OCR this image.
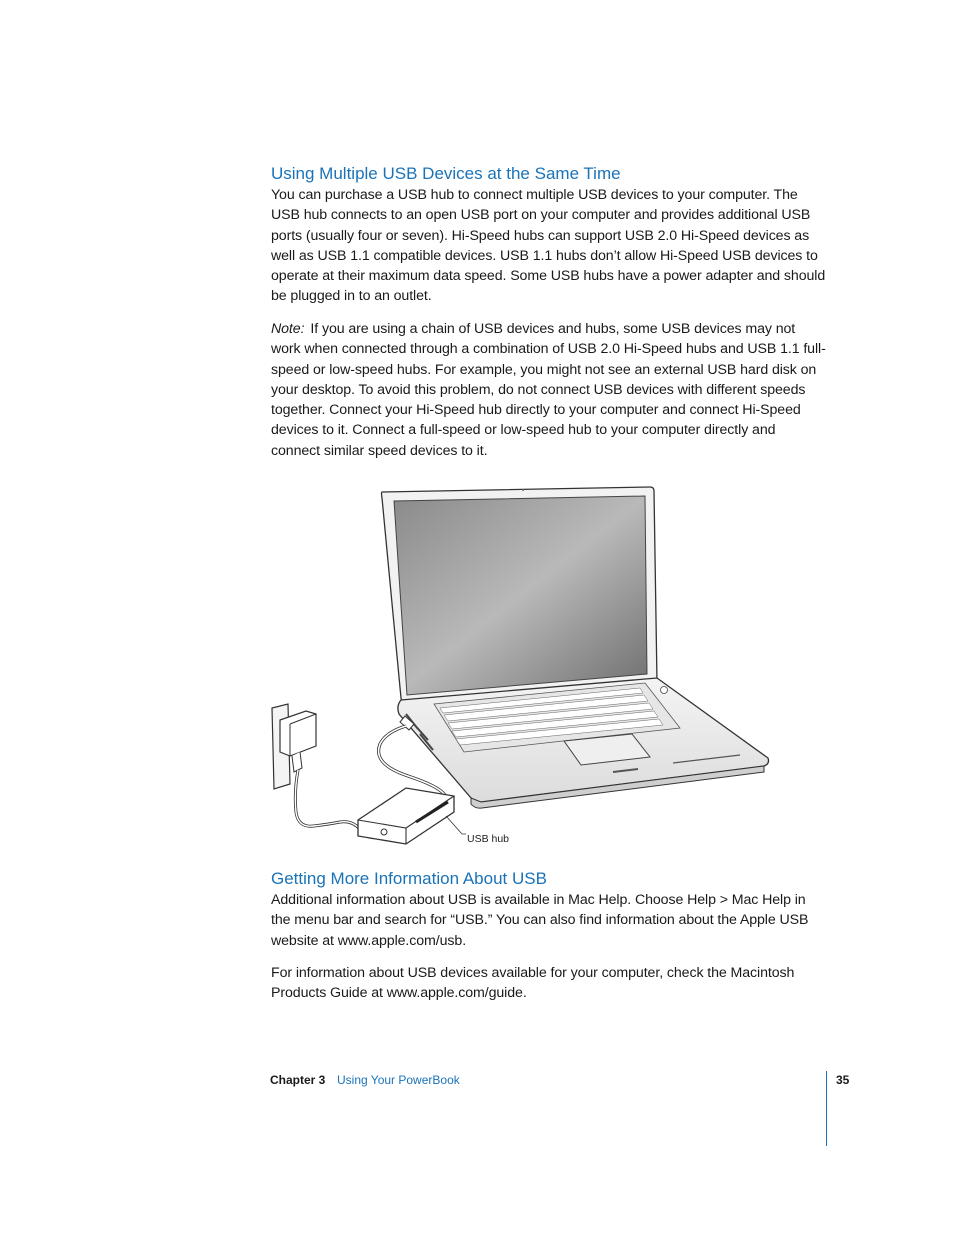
Using Multiple USB Devices at the Same Time

You can purchase a USB hub to connect multiple USB devices to your computer. The USB hub connects to an open USB port on your computer and provides additional USB ports (usually four or seven). Hi-Speed hubs can support USB 2.0 Hi-Speed devices as well as USB 1.1 compatible devices. USB 1.1 hubs don’t allow Hi-Speed USB devices to operate at their maximum data speed. Some USB hubs have a power adapter and should be plugged in to an outlet.

Note: If you are using a chain of USB devices and hubs, some USB devices may not work when connected through a combination of USB 2.0 Hi-Speed hubs and USB 1.1 full-speed or low-speed hubs. For example, you might not see an external USB hard disk on your desktop. To avoid this problem, do not connect USB devices with different speeds together. Connect your Hi-Speed hub directly to your computer and connect Hi-Speed devices to it. Connect a full-speed or low-speed hub to your computer directly and connect similar speed devices to it.

USB hub
Getting More Information About USB

Additional information about USB is available in Mac Help. Choose Help > Mac Help in the menu bar and search for “USB.” You can also find information about the Apple USB website at www.apple.com/usb.

For information about USB devices available for your computer, check the Macintosh Products Guide at www.apple.com/guide.

Chapter 3 Using Your PowerBook	35
